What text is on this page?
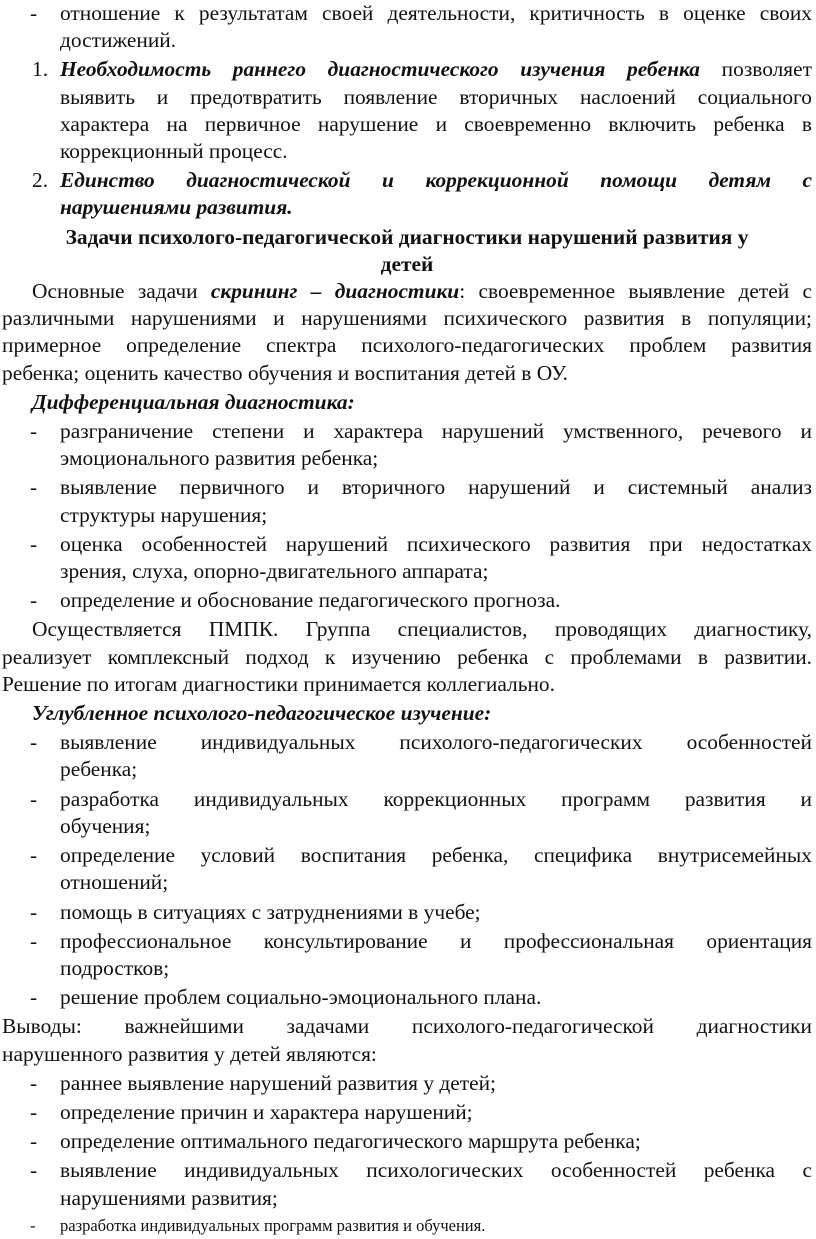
- отношение к результатам своей деятельности, критичность в оценке своих
достижений.
1. Необходимость раннего диагностического изучения ребенка позволяет
выявить и предотвратить появление вторичных наслоений социального
характера на первичное нарушение и своевременно включить ребенка в
коррекционный процесс.
2. Единство диагностической и коррекционной помощи детям с
нарушениями развития.
Задачи психолого-педагогической диагностики нарушений развития у
детей
Основные задачи скрининг – диагностики: своевременное выявление детей с
различными нарушениями и нарушениями психического развития в популяции;
примерное определение спектра психолого-педагогических проблем развития
ребенка; оценить качество обучения и воспитания детей в ОУ.
Дифференциальная диагностика:
- разграничение степени и характера нарушений умственного, речевого и
эмоционального развития ребенка;
- выявление первичного и вторичного нарушений и системный анализ
структуры нарушения;
- оценка особенностей нарушений психического развития при недостатках
зрения, слуха, опорно-двигательного аппарата;
- определение и обоснование педагогического прогноза.
Осуществляется ПМПК. Группа специалистов, проводящих диагностику,
реализует комплексный подход к изучению ребенка с проблемами в развитии.
Решение по итогам диагностики принимается коллегиально.
Углубленное психолого-педагогическое изучение:
- выявление индивидуальных психолого-педагогических особенностей
ребенка;
- разработка индивидуальных коррекционных программ развития и
обучения;
- определение условий воспитания ребенка, специфика внутрисемейных
отношений;
- помощь в ситуациях с затруднениями в учебе;
- профессиональное консультирование и профессиональная ориентация
подростков;
- решение проблем социально-эмоционального плана.
Выводы: важнейшими задачами психолого-педагогической диагностики
нарушенного развития у детей являются:
- раннее выявление нарушений развития у детей;
- определение причин и характера нарушений;
- определение оптимального педагогического маршрута ребенка;
- выявление индивидуальных психологических особенностей ребенка с
нарушениями развития;
- разработка индивидуальных программ развития и обучения.
